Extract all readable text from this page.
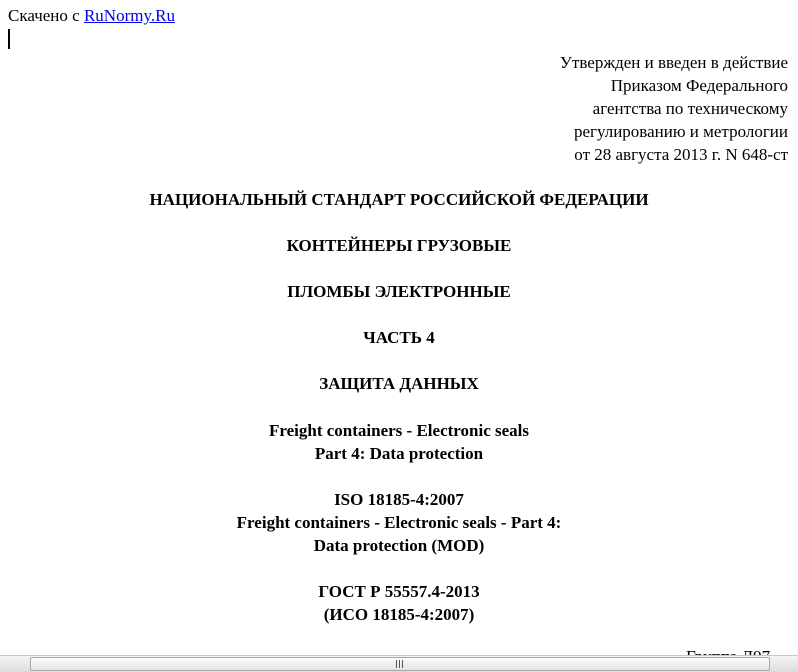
Скачено с RuNormy.Ru
Утвержден и введен в действие
Приказом Федерального
агентства по техническому
регулированию и метрологии
от 28 августа 2013 г. N 648-ст
НАЦИОНАЛЬНЫЙ СТАНДАРТ РОССИЙСКОЙ ФЕДЕРАЦИИ
КОНТЕЙНЕРЫ ГРУЗОВЫЕ
ПЛОМБЫ ЭЛЕКТРОННЫЕ
ЧАСТЬ 4
ЗАЩИТА ДАННЫХ
Freight containers - Electronic seals
Part 4: Data protection
ISO 18185-4:2007
Freight containers - Electronic seals - Part 4:
Data protection (MOD)
ГОСТ Р 55557.4-2013
(ИСО 18185-4:2007)
